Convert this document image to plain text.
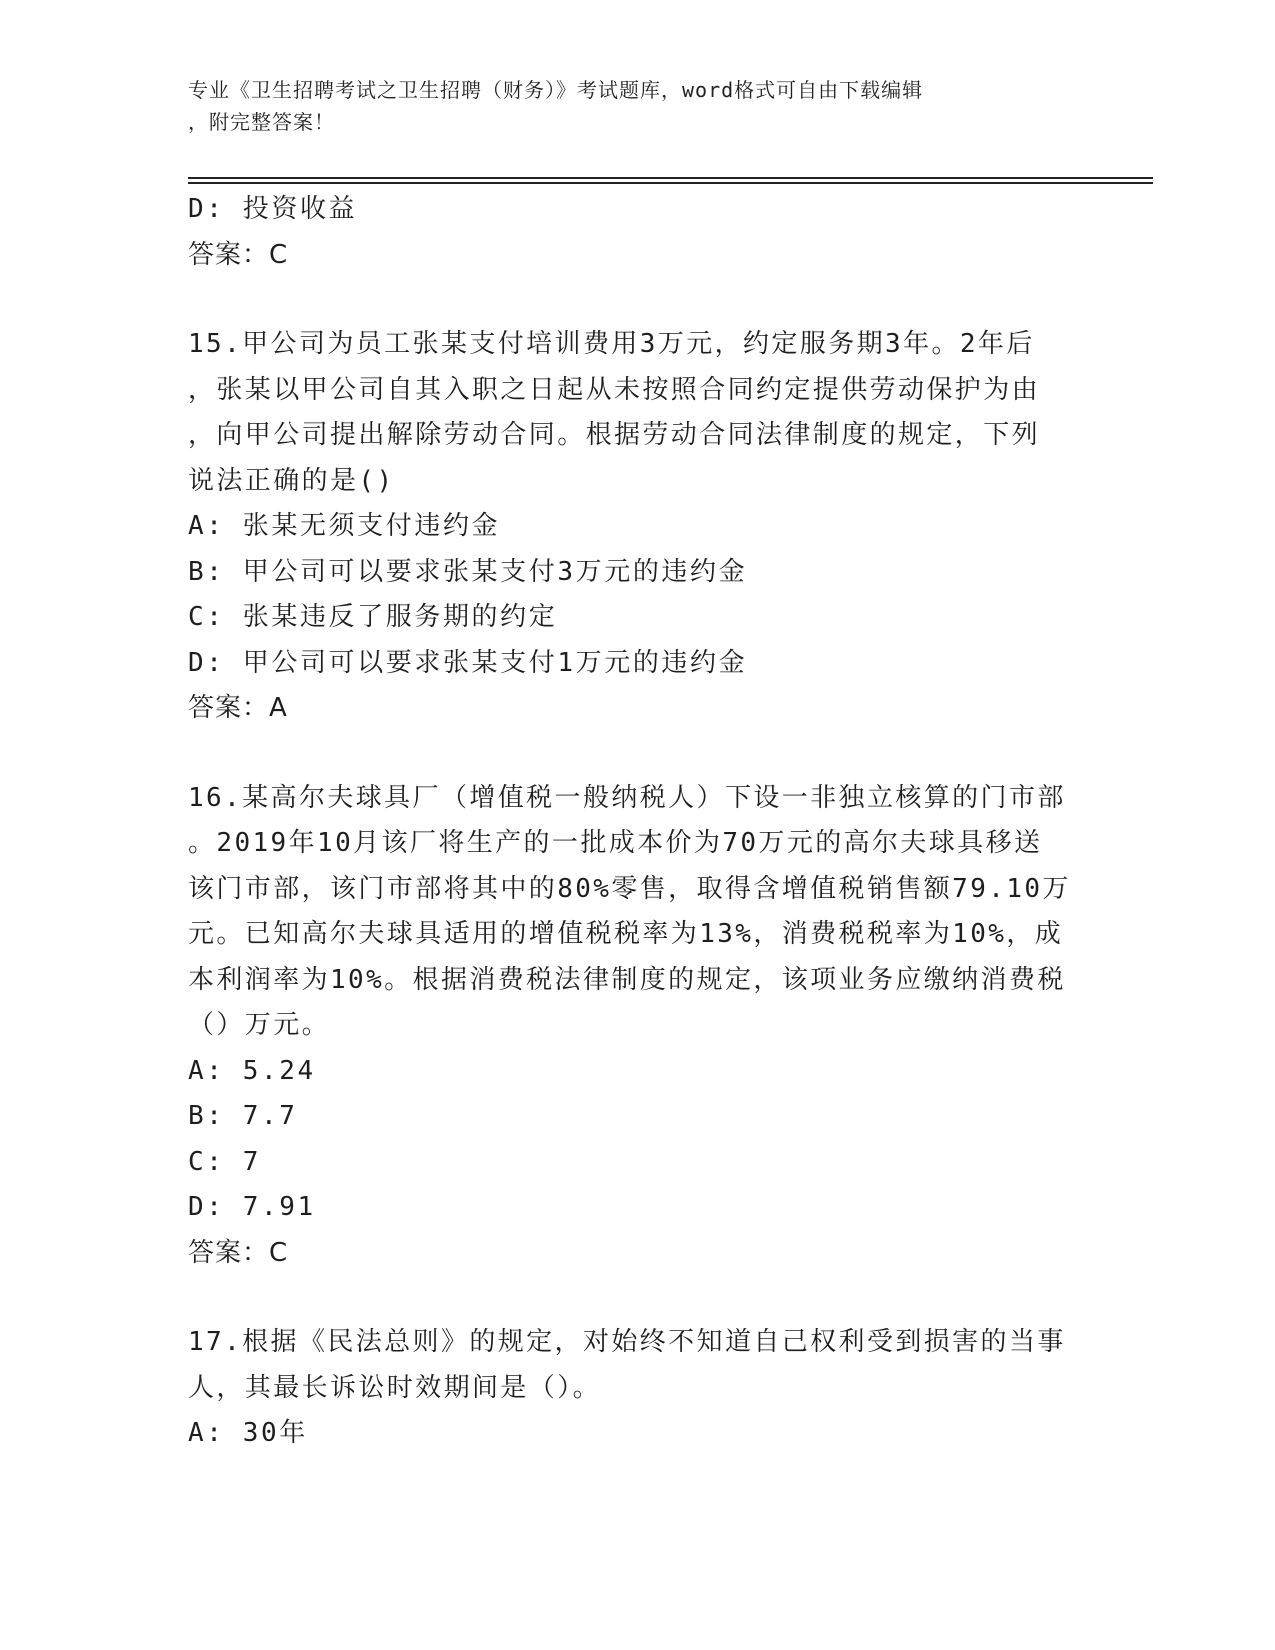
专业《卫生招聘考试之卫生招聘（财务）》考试题库，word格式可自由下载编辑
，附完整答案！
D: 投资收益
答案：C
15.甲公司为员工张某支付培训费用3万元，约定服务期3年。2年后
，张某以甲公司自其入职之日起从未按照合同约定提供劳动保护为由
，向甲公司提出解除劳动合同。根据劳动合同法律制度的规定，下列
说法正确的是()
A: 张某无须支付违约金
B: 甲公司可以要求张某支付3万元的违约金
C: 张某违反了服务期的约定
D: 甲公司可以要求张某支付1万元的违约金
答案：A
16.某高尔夫球具厂（增值税一般纳税人）下设一非独立核算的门市部
。2019年10月该厂将生产的一批成本价为70万元的高尔夫球具移送
该门市部，该门市部将其中的80%零售，取得含增值税销售额79.10万
元。已知高尔夫球具适用的增值税税率为13%，消费税税率为10%，成
本利润率为10%。根据消费税法律制度的规定，该项业务应缴纳消费税
（）万元。
A: 5.24
B: 7.7
C: 7
D: 7.91
答案：C
17.根据《民法总则》的规定，对始终不知道自己权利受到损害的当事
人，其最长诉讼时效期间是（）。
A: 30年
